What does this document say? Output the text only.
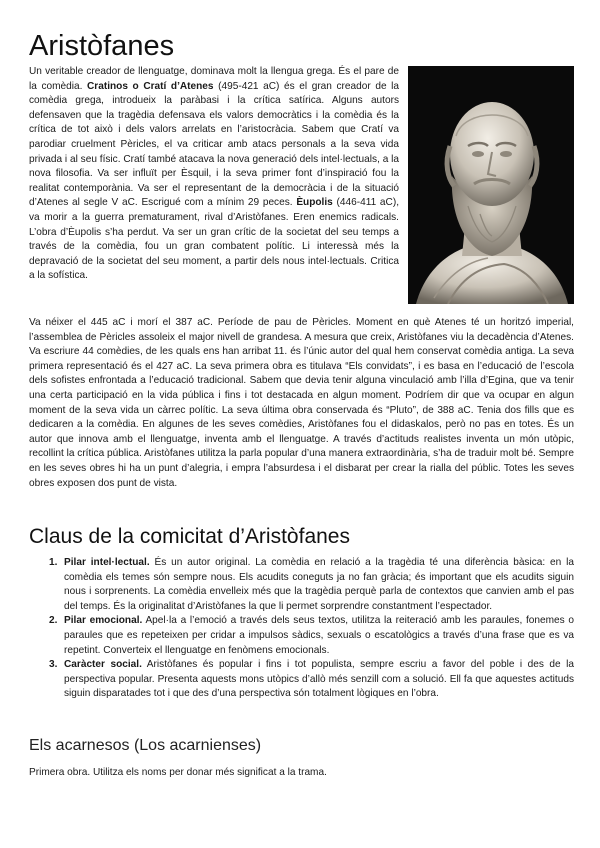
Aristòfanes

Un veritable creador de llenguatge, dominava molt la llengua grega. És el pare de la comèdia. Cratinos o Cratí d’Atenes (495-421 aC) és el gran creador de la comèdia grega, introdueix la paràbasi i la crítica satírica. Alguns autors defensaven que la tragèdia defensava els valors democràtics i la comèdia és la crítica de tot això i dels valors arrelats en l’aristocràcia. Sabem que Cratí va parodiar cruelment Pèricles, el va criticar amb atacs personals a la seva vida privada i al seu físic. Cratí també atacava la nova generació dels intel·lectuals, a la nova filosofia. Va ser influït per Èsquil, i la seva primer font d’inspiració fou la realitat contemporània. Va ser el representant de la democràcia i de la situació d’Atenes al segle V aC. Escrigué com a mínim 29 peces. Èupolis (446-411 aC), va morir a la guerra prematurament, rival d’Aristòfanes. Eren enemics radicals. L’obra d’Èupolis s’ha perdut. Va ser un gran crític de la societat del seu temps a través de la comèdia, fou un gran combatent polític. Li interessà més la depravació de la societat del seu moment, a partir dels nous intel·lectuals. Critica a la sofística.

Va néixer el 445 aC i morí el 387 aC. Període de pau de Pèricles. Moment en què Atenes té un horitzó imperial, l’assemblea de Pèricles assoleix el major nivell de grandesa. A mesura que creix, Aristòfanes viu la decadència d’Atenes. Va escriure 44 comèdies, de les quals ens han arribat 11. és l’únic autor del qual hem conservat comèdia antiga. La seva primera representació és el 427 aC. La seva primera obra es titulava “Els convidats”, i es basa en l’educació de l’escola dels sofistes enfrontada a l’educació tradicional. Sabem que devia tenir alguna vinculació amb l’illa d’Egina, que va tenir una certa participació en la vida pública i fins i tot destacada en algun moment. Podríem dir que va ocupar en algun moment de la seva vida un càrrec polític. La seva última obra conservada és “Pluto”, de 388 aC. Tenia dos fills que es dedicaren a la comèdia. En algunes de les seves comèdies, Aristòfanes fou el didaskalos, però no pas en totes. És un autor que innova amb el llenguatge, inventa amb el llenguatge. A través d’actituds realistes inventa un món utòpic, recollint la crítica pública. Aristòfanes utilitza la parla popular d’una manera extraordinària, s’ha de traduir molt bé. Sempre en les seves obres hi ha un punt d’alegria, i empra l’absurdesa i el disbarat per crear la rialla del públic. Totes les seves obres exposen dos punt de vista.

Claus de la comicitat d’Aristòfanes
1. Pilar intel·lectual. És un autor original. La comèdia en relació a la tragèdia té una diferència bàsica: en la comèdia els temes són sempre nous. Els acudits coneguts ja no fan gràcia; és important que els acudits siguin nous i sorprenents. La comèdia envelleix més que la tragèdia perquè parla de contextos que canvien amb el pas del temps. És la originalitat d’Aristòfanes la que li permet sorprendre constantment l’espectador.
2. Pilar emocional. Apel·la a l’emoció a través dels seus textos, utilitza la reiteració amb les paraules, fonemes o paraules que es repeteixen per cridar a impulsos sàdics, sexuals o escatològics a través d’una frase que es va repetint. Converteix el llenguatge en fenòmens emocionals.
3. Caràcter social. Aristòfanes és popular i fins i tot populista, sempre escriu a favor del poble i des de la perspectiva popular. Presenta aquests mons utòpics d’allò més senzill com a solució. Ell fa que aquestes actituds siguin disparatades tot i que des d’una perspectiva són totalment lògiques en l’obra.
Els acarnesos (Los acarnienses)

Primera obra. Utilitza els noms per donar més significat a la trama.
